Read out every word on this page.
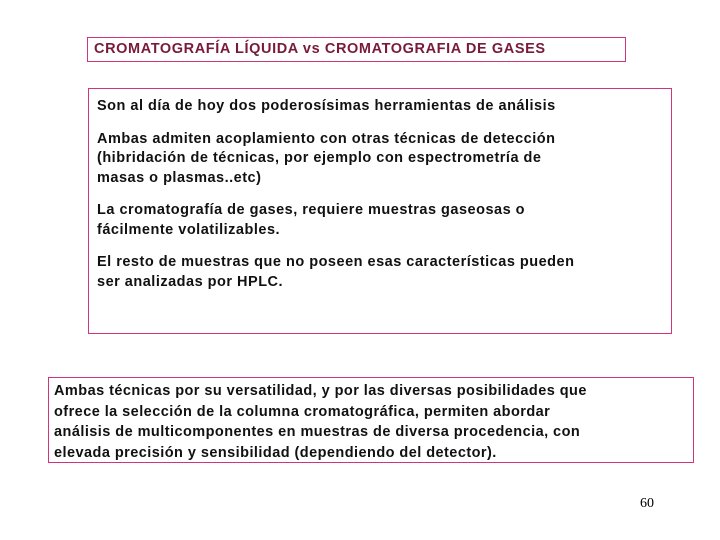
CROMATOGRAFÍA LÍQUIDA vs CROMATOGRAFIA DE GASES

Son al día de hoy dos poderosísimas herramientas de análisis

Ambas admiten acoplamiento con otras técnicas de detección
(hibridación de técnicas, por ejemplo con espectrometría de
masas o plasmas..etc)

La cromatografía de gases, requiere muestras gaseosas o
fácilmente volatilizables.

El resto de muestras que no poseen esas características pueden
ser analizadas por HPLC.

Ambas técnicas por su versatilidad, y por las diversas posibilidades que
ofrece la selección de la columna cromatográfica, permiten abordar
análisis de multicomponentes en muestras de diversa procedencia, con
elevada precisión y sensibilidad (dependiendo del detector).
60
